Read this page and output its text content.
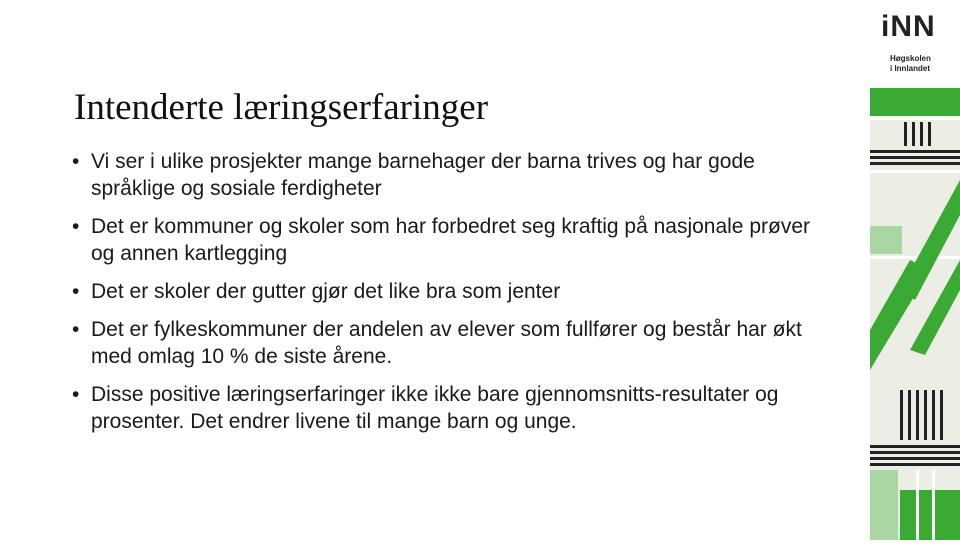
Intenderte læringserfaringer
• Vi ser i ulike prosjekter mange barnehager der barna trives og har gode språklige og sosiale ferdigheter
• Det er kommuner og skoler som har forbedret seg kraftig på nasjonale prøver og annen kartlegging
• Det er skoler der gutter gjør det like bra som jenter
• Det er fylkeskommuner der andelen av elever som fullfører og består har økt med omlag 10 % de siste årene.
• Disse positive læringserfaringer ikke ikke bare gjennomsnitts-resultater og prosenter. Det endrer livene til mange barn og unge.
iNN
Høgskolen
i Innlandet
